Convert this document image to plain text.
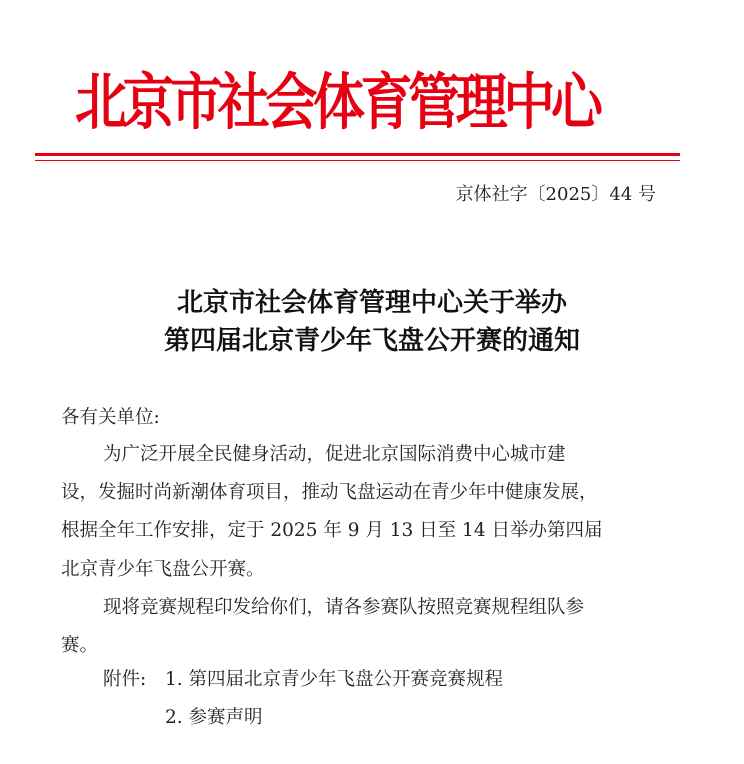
北京市社会体育管理中心
京体社字〔2025〕44 号
北京市社会体育管理中心关于举办
第四届北京青少年飞盘公开赛的通知
各有关单位:
为广泛开展全民健身活动，促进北京国际消费中心城市建
设，发掘时尚新潮体育项目，推动飞盘运动在青少年中健康发展，
根据全年工作安排，定于 2025 年 9 月 13 日至 14 日举办第四届
北京青少年飞盘公开赛。
现将竞赛规程印发给你们，请各参赛队按照竞赛规程组队参
赛。
附件: 1. 第四届北京青少年飞盘公开赛竞赛规程
2. 参赛声明
